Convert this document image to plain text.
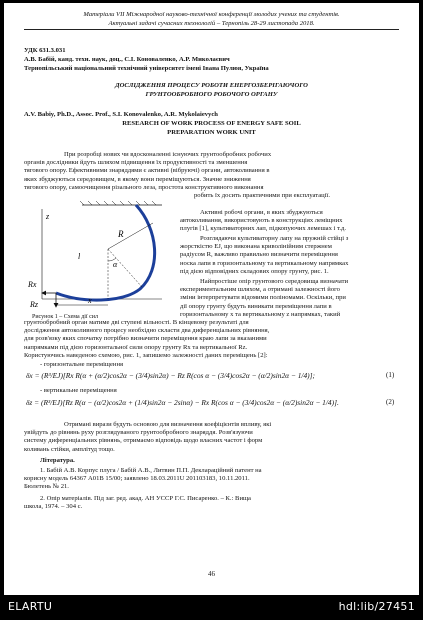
Матеріали VII Міжнародної науково-технічної конференції молодих учених та студентів.
Актуальні задачі сучасних технологій – Тернопіль 28-29 листопада 2018.
УДК 631.3.031
А.В. Бабій, канд. техн. наук, доц., С.І. Коноваленко, А.Р. Миколаєвич
Тернопільський національний технічний університет імені Івана Пулюя, Україна
ДОСЛІДЖЕННЯ ПРОЦЕСУ РОБОТИ ЕНЕРГОЗБЕРІГАЮЧОГО
ГРУНТООБРОБНОГО РОБОЧОГО ОРГАНУ
A.V. Babiy, Ph.D., Assoc. Prof., S.I. Konovalenko, A.R. Mykolaievych
RESEARCH OF WORK PROCESS OF ENERGY SAFE SOIL
PREPARATION WORK UNIT
При розробці нових чи вдосконаленні існуючих грунтообробних робочих
органів дослідники йдуть шляхом підвищення їх продуктивності та зменшення
тягового опору. Ефективними знаряддями є активні (вібруючі) органи, автоколивання в
яких збуджуються середовищем, в якому вони переміщуються. Значне зниження
тягового опору, самоочищення різального леза, простота конструктивного виконання
робить їх досить практичними при експлуатації.
x
R
α
Rx
Rz
z
l
Рисунок 1 – Схема дії сил
Активні робочі органи, в яких збуджуються
автоколивання, використовують в конструкціях леміщних
плугів [1], культиваторних лап, підкопуючих лемешах і т.д.
Розглядаючи культиваторну лапу на пружній стійці з
жорсткістю EJ, що виконана криволінійним стержнем
радіусом R, важливо правильно визначити переміщення
носка лапи в горизонтальному та вертикальному напрямках
під дією відповідних складових опору грунту, рис. 1.
Найпростіше опір грунтового середовища визначати
експериментальним шляхом, а отримані залежності його
зміни інтерпретувати відомими поліномами. Оскільки, при
дії опору грунту будуть виникати переміщення лапи в
горизонтальному x та вертикальному z напрямках, такий
грунтообробний орган матиме дві ступені вільності. В кінцевому результаті для
дослідження автоколивного процесу необхідно скласти два диференціальних рівняння,
для розв'язку яких спочатку потрібно визначити переміщення краю лапи за вказаними
напрямками під дією горизонтальної сили опору грунту Rx та вертикальної Rz.
Користуючись наведеною схемою, рис. 1, запишемо залежності даних переміщень [2]:
- горизонтальне переміщення
δx = (R³/EJ)[Rx R(α + (α/2)cos2α − (3/4)sin2α) − Rz R(cos α − (3/4)cos2α − (α/2)sin2α − 1/4)];	(1)
- вертикальне переміщення
δz = (R³/EJ)[Rz R(α − (α/2)cos2α + (1/4)sin2α − 2sinα) − Rx R(cos α − (3/4)cos2α − (α/2)sin2α − 1/4)].	(2)
Отримані вирази будуть основою для визначення коефіцієнтів впливу, які
увійдуть до рівнянь руху розглядуваного грунтообробного знаряддя. Розв'язуючи
систему диференціальних рівнянь, отримаємо відповідь щодо власних частот і форм
коливань стійки, амплітуд тощо.
Література.
1. Бабій А.В. Корпус плуга / Бабій А.В., Литвин П.П. Деклараційний патент на
корисну модель 64367 А01В 15/00; заявлено 18.03.2011U 201103183, 10.11.2011.
Бюлетень № 21.
2. Опір матеріалів. Під заг. ред. акад. АН УССР Г.С. Писаренко. – К.: Вища
школа, 1974. – 304 с.
46
ELARTU	hdl:lib/27451
